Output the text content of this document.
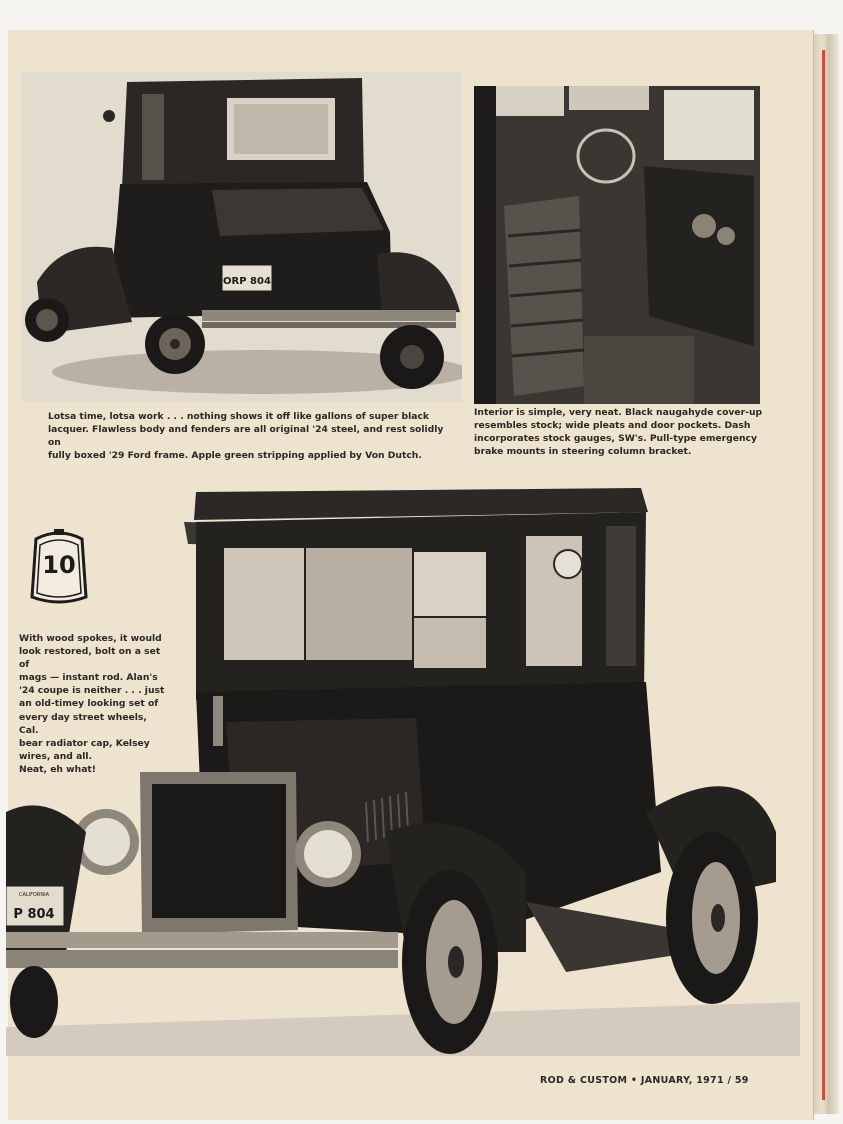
ORP 804

Lotsa time, lotsa work . . . nothing shows it off like gallons of super black
lacquer. Flawless body and fenders are all original '24 steel, and rest solidly on
fully boxed '29 Ford frame. Apple green stripping applied by Von Dutch.

Interior is simple, very neat. Black naugahyde cover-up
resembles stock; wide pleats and door pockets. Dash
incorporates stock gauges, SW's. Pull-type emergency
brake mounts in steering column bracket.

10

With wood spokes, it would
look restored, bolt on a set of
mags — instant rod. Alan's
'24 coupe is neither . . . just
an old-timey looking set of
every day street wheels, Cal.
bear radiator cap, Kelsey
wires, and all.
Neat, eh what!

CALIFORNIA
P 804

ROD & CUSTOM • JANUARY, 1971 / 59
